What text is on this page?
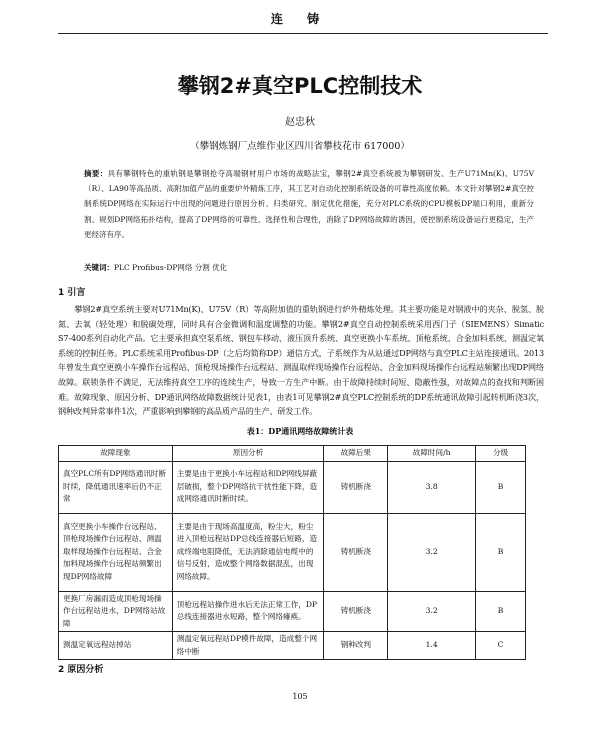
连 铸
攀钢2#真空PLC控制技术
赵忠秋
（攀钢炼钢厂点维作业区四川省攀枝花市 617000）
摘要：具有攀钢特色的重轨钢是攀钢抢夺高端钢材用户市场的战略法宝，攀钢2#真空系统被为攀钢研发、生产U71Mn(K)、U75V（R）、LA90等高品质、高附加值产品的重要炉外精炼工序，其工艺对自动化控制系统设备的可靠性高度依赖。本文针对攀钢2#真空控制系统DP网络在实际运行中出现的问题进行原因分析、归类研究、制定优化措施，充分对PLC系统的CPU模板DP端口利用，重新分割、规划DP网络拓扑结构，提高了DP网络的可靠性、选择性和合理性，消除了DP网络故障的诱因，使控制系统设备运行更稳定，生产更经济有序。
关键词：PLC Profibus-DP网络 分割 优化
1 引言
攀钢2#真空系统主要对U71Mn(K)、U75V（R）等高附加值的重轨钢进行炉外精炼处理。其主要功能是对钢液中的夹杂、脱氢、脱氮、去氧（轻处理）和脱碳处理，同时具有合金微调和温度调整的功能。攀钢2#真空自动控制系统采用西门子（SIEMENS）Simatic S7-400系列自动化产品。它主要承担真空泵系统、钢包车移动、液压顶升系统、真空更换小车系统、顶枪系统、合金加料系统、测温定氧系统的控制任务。PLC系统采用Profibus-DP（之后均简称DP）通信方式，子系统作为从站通过DP网络与真空PLC主站连接通讯。2013年曾发生真空更换小车操作台远程站、顶枪现场操作台远程站、测温取样现场操作台远程站、合金加料现场操作台远程站频繁出现DP网络故障。联锁条件不满足，无法维持真空工序的连续生产，导致一方生产中断。由于故障持续时间短、隐蔽性强，对故障点的查找和判断困难。故障现象、原因分析、DP通讯网络故障数据统计见表1，由表1可见攀钢2#真空PLC控制系统的DP系统通讯故障引起转机断浇3次，钢种改判异常事件1次，严重影响到攀钢的高品质产品的生产、研发工作。
表1：DP通讯网络故障统计表
故障现象	原因分析	故障后果	故障时间/h	分级
真空PLC所有DP网络通讯时断时续，降低通讯速率后仍不正常	主要是由于更换小车远程站和DP网线屏蔽层破损，整个DP网络抗干扰性能下降，造成网络通讯时断时续。	铸机断浇	3.8	B
真空更换小车操作台远程站、顶枪现场操作台远程站、测温取样现场操作台远程站、合金加料现场操作台远程站频繁出现DP网络故障	主要是由于现场高温度高，粉尘大，粉尘进入顶枪远程站DP总线连接器后短路，造成终端电阻降低，无法消除通信电缆中的信号反射，造成整个网络数据混乱，出现网络故障。	铸机断浇	3.2	B
更换厂房漏雨造成顶枪现场操作台远程站进水，DP网络站故障	顶枪远程站操作进水后无法正常工作，DP总线连接器进水短路，整个网络瘫痪。	铸机断浇	3.2	B
测温定氧远程站掉站	测温定氧远程站DP模件故障，造成整个网络中断	钢种改判	1.4	C
2 原因分析
105
